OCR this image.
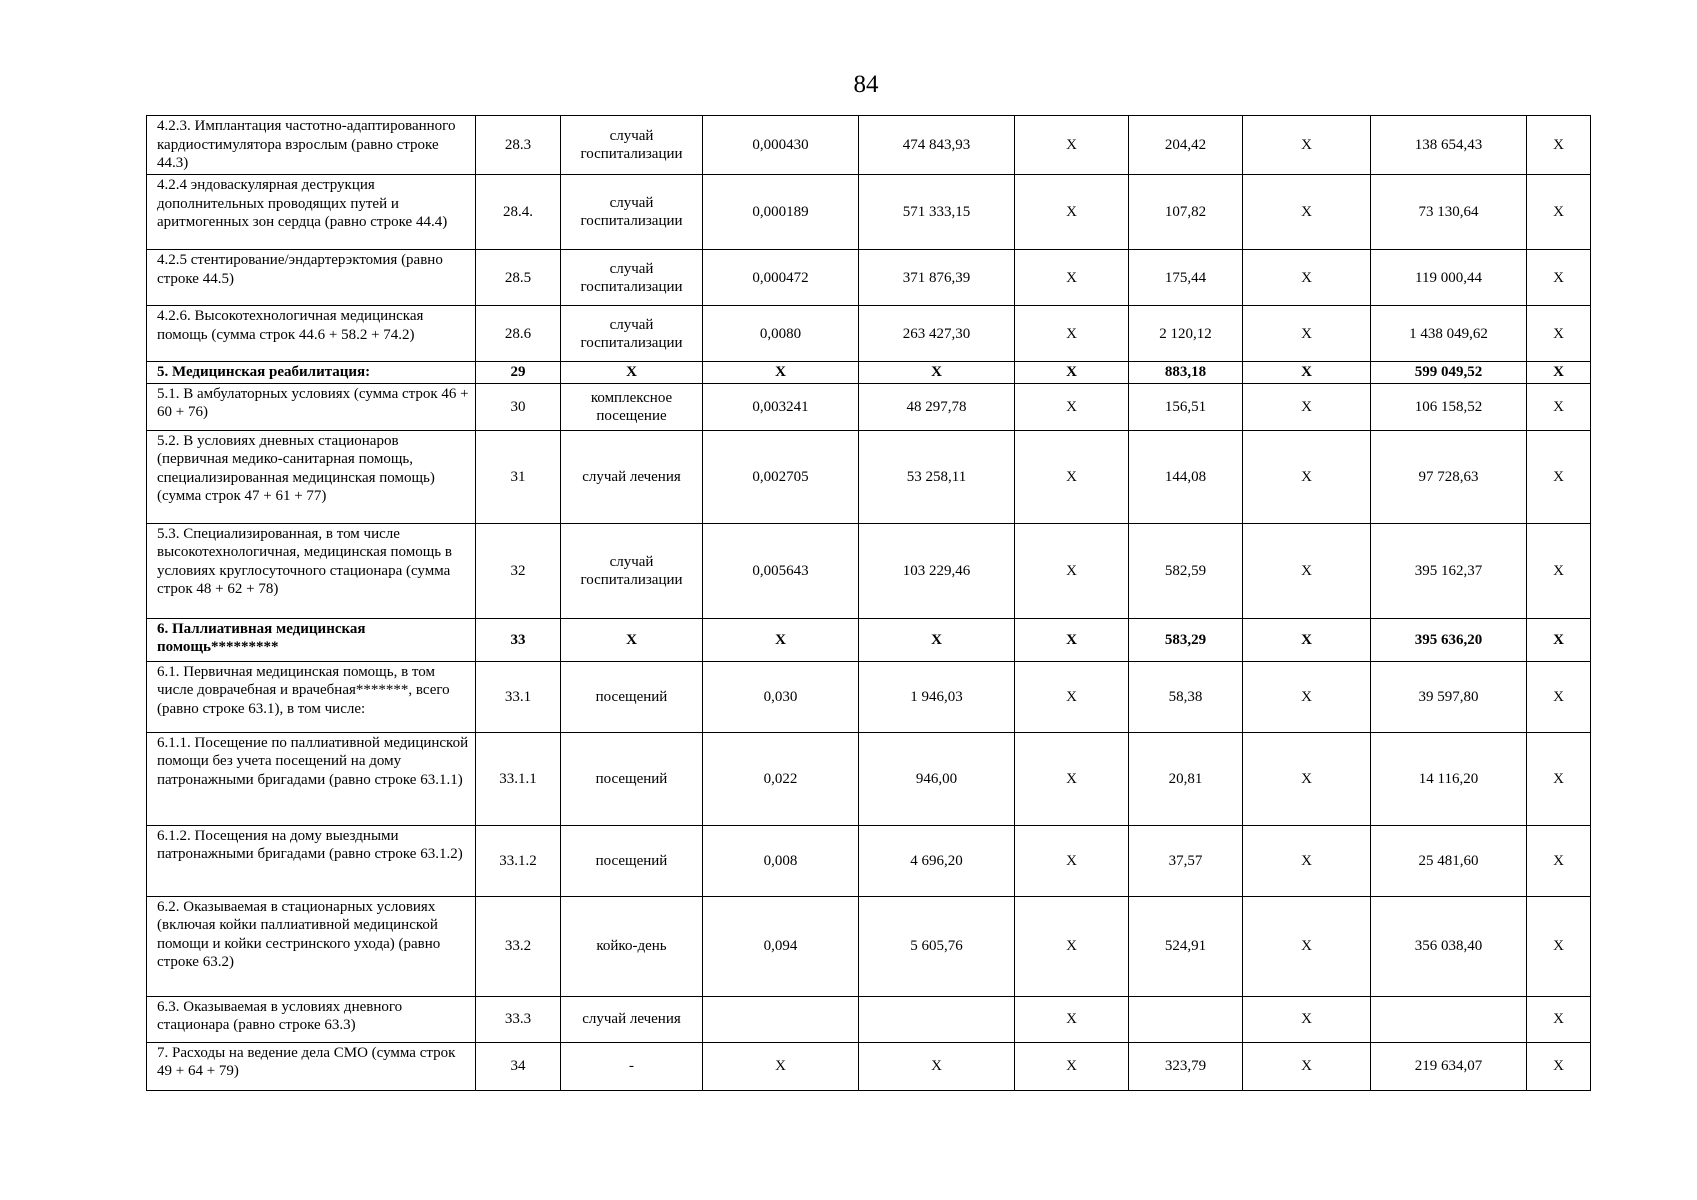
84
4.2.3. Имплантация частотно-адаптированного кардиостимулятора взрослым (равно строке 44.3)	28.3	случай госпитализации	0,000430	474 843,93	Х	204,42	Х	138 654,43	Х
4.2.4 эндоваскулярная деструкция дополнительных проводящих путей и аритмогенных зон сердца (равно строке 44.4)	28.4.	случай госпитализации	0,000189	571 333,15	Х	107,82	Х	73 130,64	Х
4.2.5 стентирование/эндартерэктомия (равно строке 44.5)	28.5	случай госпитализации	0,000472	371 876,39	Х	175,44	Х	119 000,44	Х
4.2.6. Высокотехнологичная медицинская помощь (сумма строк 44.6 + 58.2 + 74.2)	28.6	случай госпитализации	0,0080	263 427,30	Х	2 120,12	Х	1 438 049,62	Х
5. Медицинская реабилитация:	29	Х	Х	Х	Х	883,18	Х	599 049,52	Х
5.1. В амбулаторных условиях (сумма строк 46 + 60 + 76)	30	комплексное посещение	0,003241	48 297,78	Х	156,51	Х	106 158,52	Х
5.2. В условиях дневных стационаров (первичная медико-санитарная помощь, специализированная медицинская помощь) (сумма строк 47 + 61 + 77)	31	случай лечения	0,002705	53 258,11	Х	144,08	Х	97 728,63	Х
5.3. Специализированная, в том числе высокотехнологичная, медицинская помощь в условиях круглосуточного стационара (сумма строк 48 + 62 + 78)	32	случай госпитализации	0,005643	103 229,46	Х	582,59	Х	395 162,37	Х
6. Паллиативная медицинская помощь*********	33	Х	Х	Х	Х	583,29	Х	395 636,20	Х
6.1. Первичная медицинская помощь, в том числе доврачебная и врачебная*******, всего (равно строке 63.1), в том числе:	33.1	посещений	0,030	1 946,03	Х	58,38	Х	39 597,80	Х
6.1.1. Посещение по паллиативной медицинской помощи без учета посещений на дому патронажными бригадами (равно строке 63.1.1)	33.1.1	посещений	0,022	946,00	Х	20,81	Х	14 116,20	Х
6.1.2. Посещения на дому выездными патронажными бригадами (равно строке 63.1.2)	33.1.2	посещений	0,008	4 696,20	Х	37,57	Х	25 481,60	Х
6.2. Оказываемая в стационарных условиях (включая койки паллиативной медицинской помощи и койки сестринского ухода) (равно строке 63.2)	33.2	койко-день	0,094	5 605,76	Х	524,91	Х	356 038,40	Х
6.3. Оказываемая в условиях дневного стационара (равно строке 63.3)	33.3	случай лечения			Х		Х		Х
7. Расходы на ведение дела СМО (сумма строк 49 + 64 + 79)	34	-	Х	Х	Х	323,79	Х	219 634,07	Х
